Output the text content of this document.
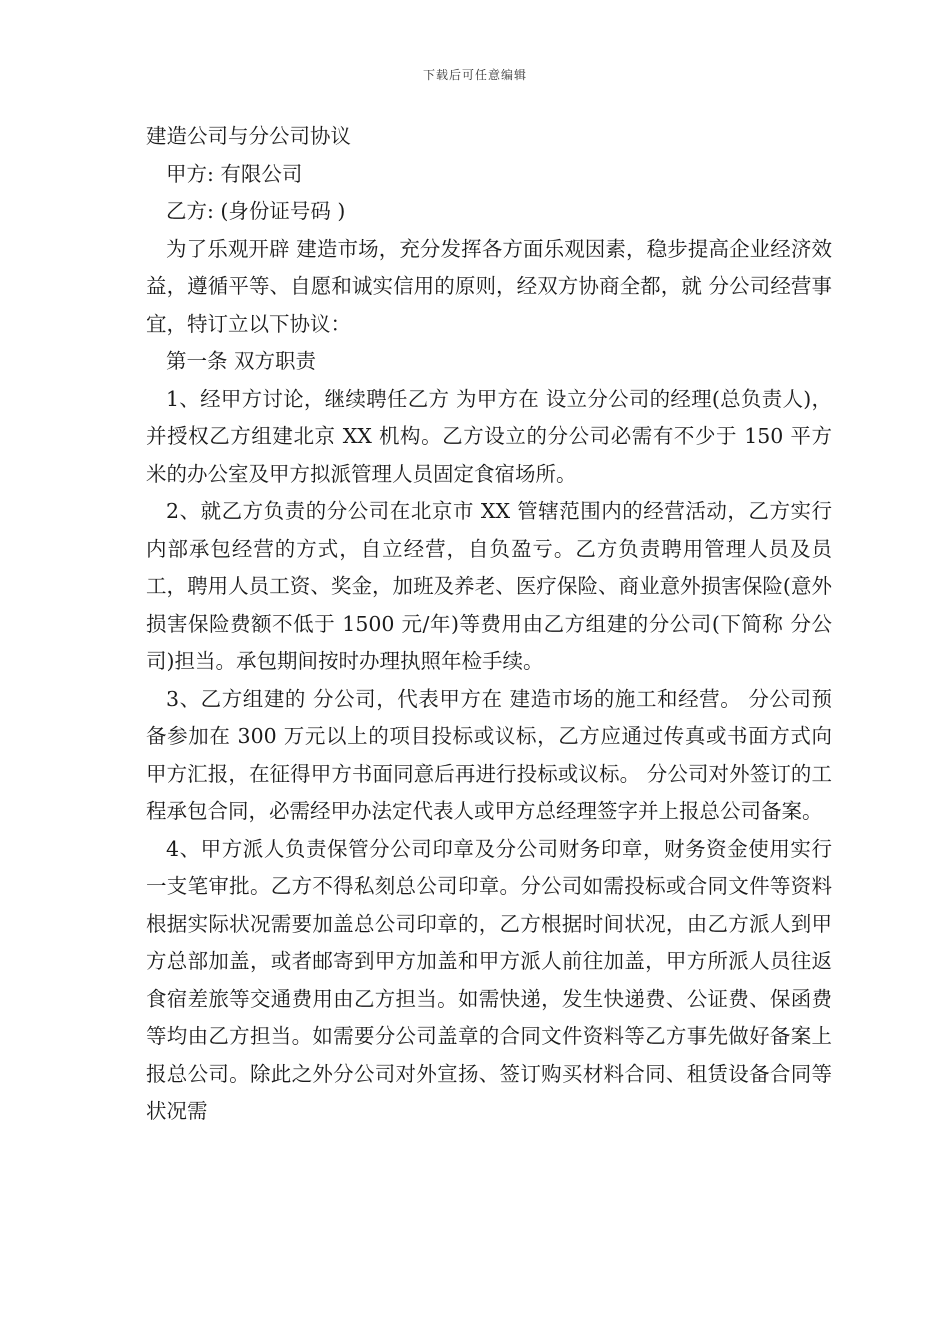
下载后可任意编辑

建造公司与分公司协议

甲方: 有限公司

乙方: (身份证号码 )

为了乐观开辟 建造市场，充分发挥各方面乐观因素，稳步提高企业经济效益，遵循平等、自愿和诚实信用的原则，经双方协商全都，就 分公司经营事宜，特订立以下协议：

第一条 双方职责

1、经甲方讨论，继续聘任乙方 为甲方在 设立分公司的经理(总负责人)，并授权乙方组建北京 XX 机构。乙方设立的分公司必需有不少于 150 平方米的办公室及甲方拟派管理人员固定食宿场所。

2、就乙方负责的分公司在北京市 XX 管辖范围内的经营活动，乙方实行内部承包经营的方式，自立经营，自负盈亏。乙方负责聘用管理人员及员工，聘用人员工资、奖金，加班及养老、医疗保险、商业意外损害保险(意外损害保险费额不低于 1500 元/年)等费用由乙方组建的分公司(下简称 分公司)担当。承包期间按时办理执照年检手续。

3、乙方组建的 分公司，代表甲方在 建造市场的施工和经营。 分公司预备参加在 300 万元以上的项目投标或议标，乙方应通过传真或书面方式向甲方汇报，在征得甲方书面同意后再进行投标或议标。 分公司对外签订的工程承包合同，必需经甲办法定代表人或甲方总经理签字并上报总公司备案。

4、甲方派人负责保管分公司印章及分公司财务印章，财务资金使用实行一支笔审批。乙方不得私刻总公司印章。分公司如需投标或合同文件等资料根据实际状况需要加盖总公司印章的，乙方根据时间状况，由乙方派人到甲方总部加盖，或者邮寄到甲方加盖和甲方派人前往加盖，甲方所派人员往返食宿差旅等交通费用由乙方担当。如需快递，发生快递费、公证费、保函费等均由乙方担当。如需要分公司盖章的合同文件资料等乙方事先做好备案上报总公司。除此之外分公司对外宣扬、签订购买材料合同、租赁设备合同等状况需
